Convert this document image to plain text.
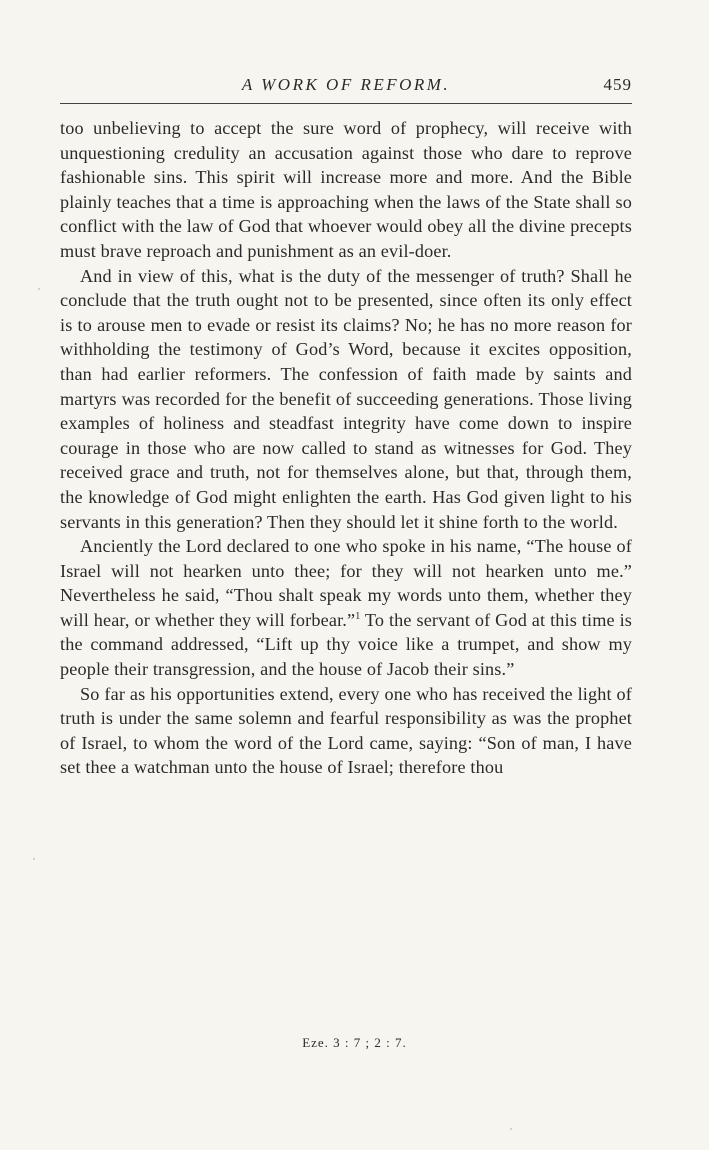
A WORK OF REFORM.	459

too unbelieving to accept the sure word of prophecy, will receive with unquestioning credulity an accusation against those who dare to reprove fashionable sins. This spirit will increase more and more. And the Bible plainly teaches that a time is approaching when the laws of the State shall so conflict with the law of God that whoever would obey all the divine precepts must brave reproach and punishment as an evil-doer.

And in view of this, what is the duty of the messenger of truth? Shall he conclude that the truth ought not to be presented, since often its only effect is to arouse men to evade or resist its claims? No; he has no more reason for withholding the testimony of God’s Word, because it excites opposition, than had earlier reformers. The confession of faith made by saints and martyrs was recorded for the benefit of succeeding generations. Those living examples of holiness and steadfast integrity have come down to inspire courage in those who are now called to stand as witnesses for God. They received grace and truth, not for themselves alone, but that, through them, the knowledge of God might enlighten the earth. Has God given light to his servants in this generation? Then they should let it shine forth to the world.

Anciently the Lord declared to one who spoke in his name, “The house of Israel will not hearken unto thee; for they will not hearken unto me.” Nevertheless he said, “Thou shalt speak my words unto them, whether they will hear, or whether they will forbear.”$^1$ To the servant of God at this time is the command addressed, “Lift up thy voice like a trumpet, and show my people their transgression, and the house of Jacob their sins.”

So far as his opportunities extend, every one who has received the light of truth is under the same solemn and fearful responsibility as was the prophet of Israel, to whom the word of the Lord came, saying: “Son of man, I have set thee a watchman unto the house of Israel; therefore thou

Eze. 3 : 7 ; 2 : 7.
